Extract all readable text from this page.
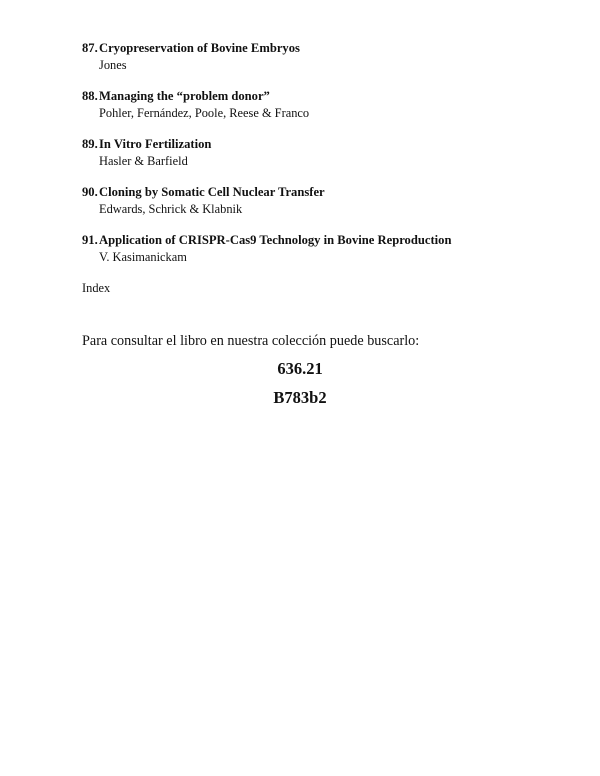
87. Cryopreservation of Bovine Embryos
Jones
88. Managing the “problem donor”
Pohler, Fernández, Poole, Reese & Franco
89. In Vitro Fertilization
Hasler & Barfield
90. Cloning by Somatic Cell Nuclear Transfer
Edwards, Schrick & Klabnik
91. Application of CRISPR-Cas9 Technology in Bovine Reproduction
V. Kasimanickam
Index
Para consultar el libro en nuestra colección puede buscarlo:
636.21
B783b2
